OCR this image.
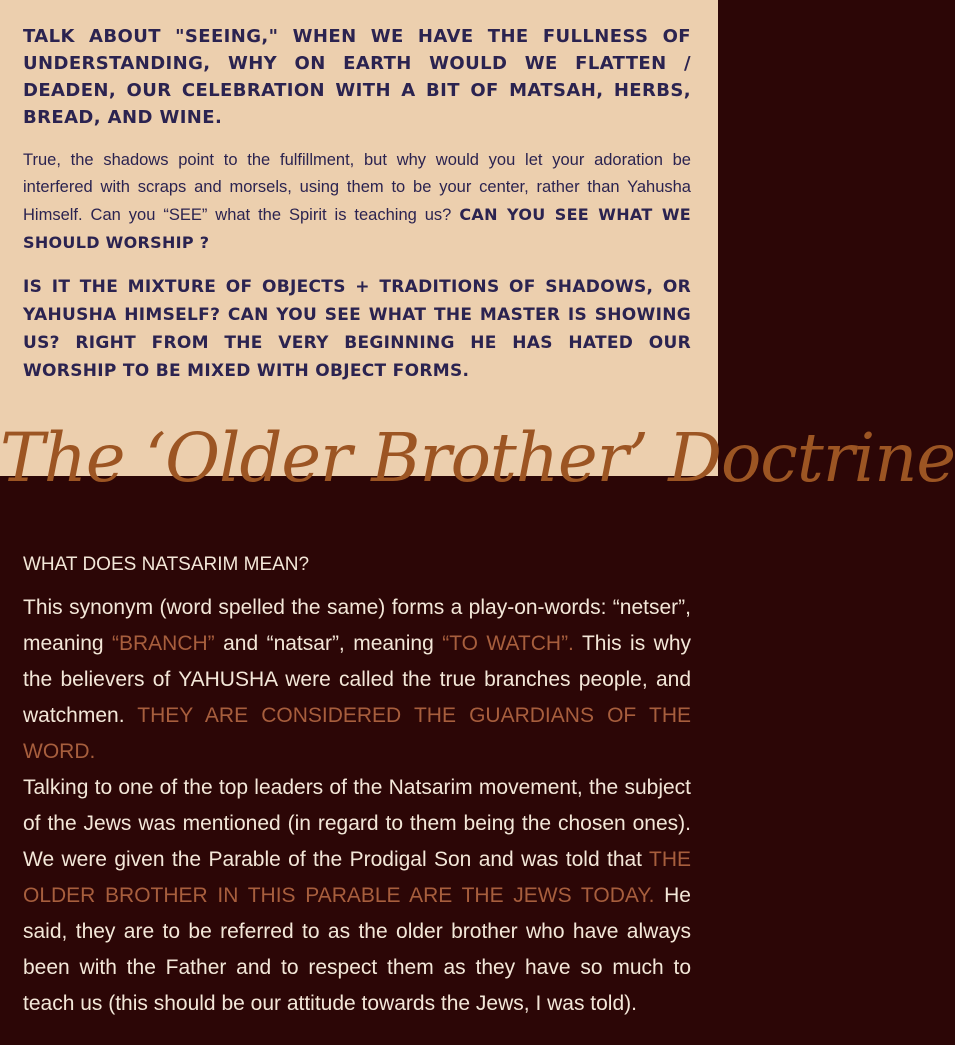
TALK ABOUT "SEEING," WHEN WE HAVE THE FULLNESS OF UNDERSTANDING, WHY ON EARTH WOULD WE FLATTEN / DEADEN, OUR CELEBRATION WITH A BIT OF MATSAH, HERBS, BREAD, AND WINE.

True, the shadows point to the fulfillment, but why would you let your adoration be interfered with scraps and morsels, using them to be your center, rather than Yahusha Himself. Can you “SEE” what the Spirit is teaching us? CAN YOU SEE WHAT WE SHOULD WORSHIP ?

IS IT THE MIXTURE OF OBJECTS + TRADITIONS OF SHADOWS, OR YAHUSHA HIMSELF? CAN YOU SEE WHAT THE MASTER IS SHOWING US? RIGHT FROM THE VERY BEGINNING HE HAS HATED OUR WORSHIP TO BE MIXED WITH OBJECT FORMS.

The ‘Older Brother’ Doctrine
WHAT DOES NATSARIM MEAN?

This synonym (word spelled the same) forms a play-on-words: “netser”, meaning “BRANCH” and “natsar”, meaning “TO WATCH”. This is why the believers of YAHUSHA were called the true branches people, and watchmen. THEY ARE CONSIDERED THE GUARDIANS OF THE WORD.

Talking to one of the top leaders of the Natsarim movement, the subject of the Jews was mentioned (in regard to them being the chosen ones). We were given the Parable of the Prodigal Son and was told that THE OLDER BROTHER IN THIS PARABLE ARE THE JEWS TODAY. He said, they are to be referred to as the older brother who have always been with the Father and to respect them as they have so much to teach us (this should be our attitude towards the Jews, I was told).
